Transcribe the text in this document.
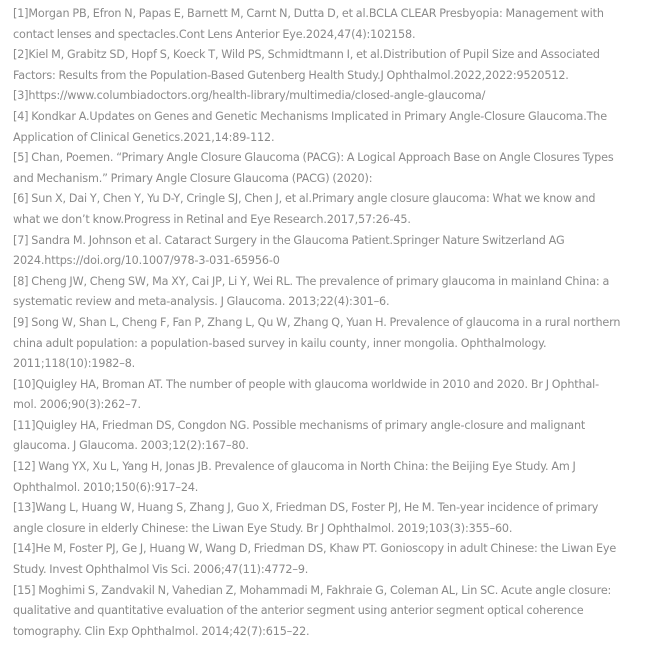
[1]Morgan PB, Efron N, Papas E, Barnett M, Carnt N, Dutta D, et al.BCLA CLEAR Presbyopia: Management with
contact lenses and spectacles.Cont Lens Anterior Eye.2024,47(4):102158.

[2]Kiel M, Grabitz SD, Hopf S, Koeck T, Wild PS, Schmidtmann I, et al.Distribution of Pupil Size and Associated
Factors: Results from the Population-Based Gutenberg Health Study.J Ophthalmol.2022,2022:9520512.

[3]https://www.columbiadoctors.org/health-library/multimedia/closed-angle-glaucoma/

[4] Kondkar A.Updates on Genes and Genetic Mechanisms Implicated in Primary Angle-Closure Glaucoma.The
Application of Clinical Genetics.2021,14:89-112.

[5] Chan, Poemen. “Primary Angle Closure Glaucoma (PACG): A Logical Approach Base on Angle Closures Types
and Mechanism.” Primary Angle Closure Glaucoma (PACG) (2020):

[6] Sun X, Dai Y, Chen Y, Yu D-Y, Cringle SJ, Chen J, et al.Primary angle closure glaucoma: What we know and
what we don’t know.Progress in Retinal and Eye Research.2017,57:26-45.

[7] Sandra M. Johnson et al. Cataract Surgery in the Glaucoma Patient.Springer Nature Switzerland AG
2024.https://doi.org/10.1007/978-3-031-65956-0

[8] Cheng JW, Cheng SW, Ma XY, Cai JP, Li Y, Wei RL. The prevalence of primary glaucoma in mainland China: a
systematic review and meta-analysis. J Glaucoma. 2013;22(4):301–6.

[9] Song W, Shan L, Cheng F, Fan P, Zhang L, Qu W, Zhang Q, Yuan H. Prevalence of glaucoma in a rural northern
china adult population: a population-based survey in kailu county, inner mongolia. Ophthalmology.
2011;118(10):1982–8.

[10]Quigley HA, Broman AT. The number of people with glaucoma worldwide in 2010 and 2020. Br J Ophthal-
mol. 2006;90(3):262–7.

[11]Quigley HA, Friedman DS, Congdon NG. Possible mechanisms of primary angle-closure and malignant
glaucoma. J Glaucoma. 2003;12(2):167–80.

[12] Wang YX, Xu L, Yang H, Jonas JB. Prevalence of glaucoma in North China: the Beijing Eye Study. Am J
Ophthalmol. 2010;150(6):917–24.

[13]Wang L, Huang W, Huang S, Zhang J, Guo X, Friedman DS, Foster PJ, He M. Ten-year incidence of primary
angle closure in elderly Chinese: the Liwan Eye Study. Br J Ophthalmol. 2019;103(3):355–60.

[14]He M, Foster PJ, Ge J, Huang W, Wang D, Friedman DS, Khaw PT. Gonioscopy in adult Chinese: the Liwan Eye
Study. Invest Ophthalmol Vis Sci. 2006;47(11):4772–9.

[15] Moghimi S, Zandvakil N, Vahedian Z, Mohammadi M, Fakhraie G, Coleman AL, Lin SC. Acute angle closure:
qualitative and quantitative evaluation of the anterior segment using anterior segment optical coherence
tomography. Clin Exp Ophthalmol. 2014;42(7):615–22.
